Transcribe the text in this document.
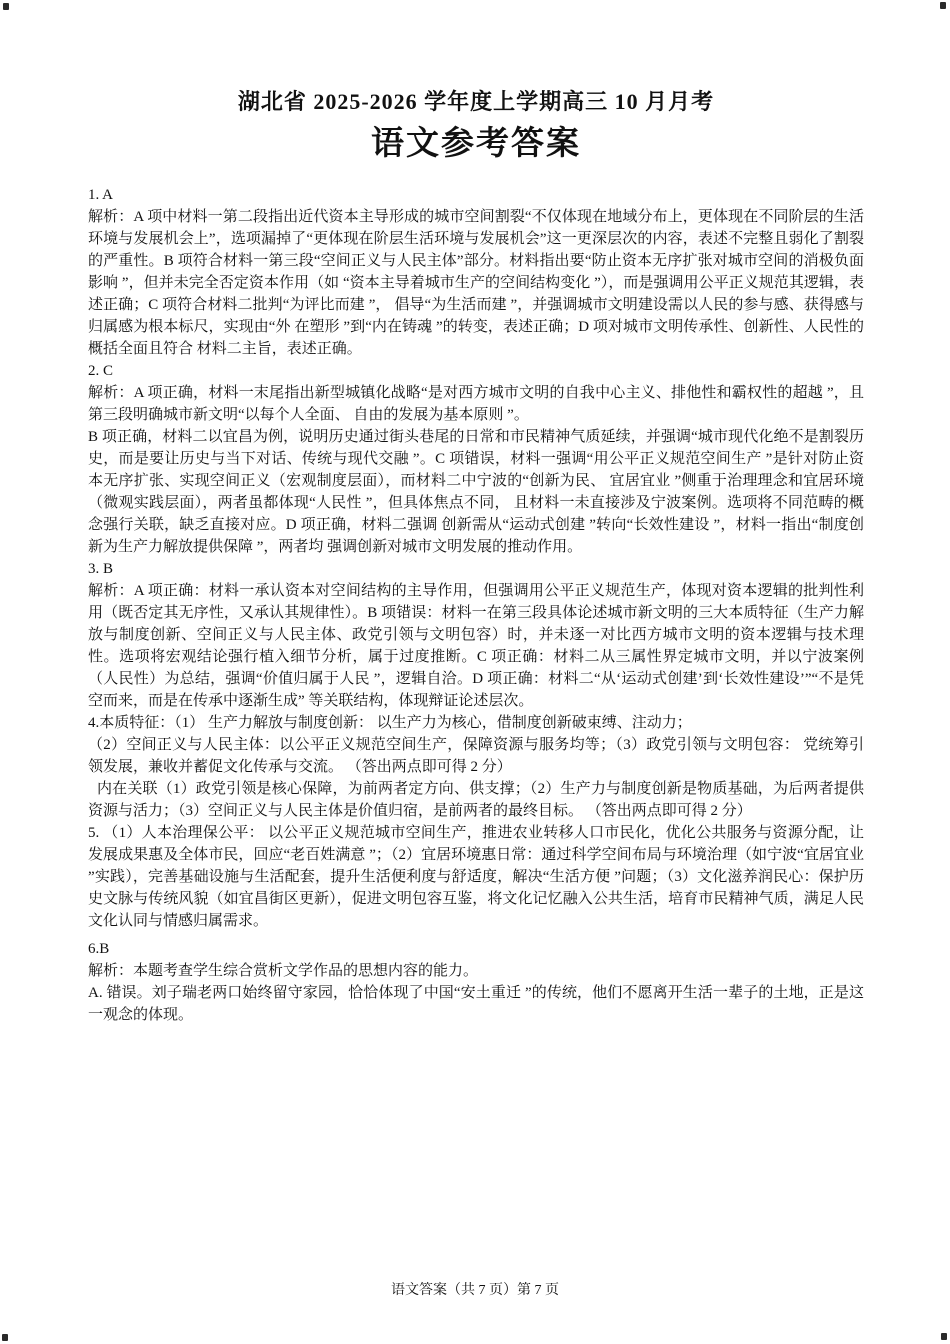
湖北省 2025-2026 学年度上学期高三 10 月月考
语文参考答案

1. A

解析：A 项中材料一第二段指出近代资本主导形成的城市空间割裂“不仅体现在地域分布上，更体现在不同阶层的生活环境与发展机会上”，选项漏掉了“更体现在阶层生活环境与发展机会”这一更深层次的内容，表述不完整且弱化了割裂的严重性。B 项符合材料一第三段“空间正义与人民主体”部分。材料指出要“防止资本无序扩张对城市空间的消极负面影响 ”，但并未完全否定资本作用（如 “资本主导着城市生产的空间结构变化 ”），而是强调用公平正义规范其逻辑，表述正确；C 项符合材料二批判“为评比而建 ”， 倡导“为生活而建 ”，并强调城市文明建设需以人民的参与感、获得感与归属感为根本标尺，实现由“外 在塑形 ”到“内在铸魂 ”的转变，表述正确；D 项对城市文明传承性、创新性、人民性的概括全面且符合 材料二主旨，表述正确。

2. C

解析：A 项正确，材料一末尾指出新型城镇化战略“是对西方城市文明的自我中心主义、排他性和霸权性的超越 ”，且第三段明确城市新文明“以每个人全面、 自由的发展为基本原则 ”。

B 项正确，材料二以宜昌为例，说明历史通过街头巷尾的日常和市民精神气质延续，并强调“城市现代化绝不是割裂历史，而是要让历史与当下对话、传统与现代交融 ”。C 项错误，材料一强调“用公平正义规范空间生产 ”是针对防止资本无序扩张、实现空间正义（宏观制度层面），而材料二中宁波的“创新为民、 宜居宜业 ”侧重于治理理念和宜居环境（微观实践层面），两者虽都体现“人民性 ”，但具体焦点不同， 且材料一未直接涉及宁波案例。选项将不同范畴的概念强行关联，缺乏直接对应。D 项正确，材料二强调 创新需从“运动式创建 ”转向“长效性建设 ”，材料一指出“制度创新为生产力解放提供保障 ”，两者均 强调创新对城市文明发展的推动作用。

3. B

解析：A 项正确：材料一承认资本对空间结构的主导作用，但强调用公平正义规范生产，体现对资本逻辑的批判性利用（既否定其无序性，又承认其规律性）。B 项错误：材料一在第三段具体论述城市新文明的三大本质特征（生产力解放与制度创新、空间正义与人民主体、政党引领与文明包容）时，并未逐一对比西方城市文明的资本逻辑与技术理性。选项将宏观结论强行植入细节分析，属于过度推断。C 项正确：材料二从三属性界定城市文明，并以宁波案例（人民性）为总结，强调“价值归属于人民 ”，逻辑自洽。D 项正确：材料二“从‘运动式创建’到‘长效性建设’”“不是凭空而来，而是在传承中逐渐生成” 等关联结构，体现辩证论述层次。

4.本质特征：（1） 生产力解放与制度创新： 以生产力为核心，借制度创新破束缚、注动力；

（2）空间正义与人民主体：以公平正义规范空间生产，保障资源与服务均等；（3）政党引领与文明包容： 党统筹引领发展，兼收并蓄促文化传承与交流。 （答出两点即可得 2 分）

内在关联（1）政党引领是核心保障，为前两者定方向、供支撑；（2）生产力与制度创新是物质基础，为后两者提供资源与活力；（3）空间正义与人民主体是价值归宿，是前两者的最终目标。 （答出两点即可得 2 分）

5. （1）人本治理保公平： 以公平正义规范城市空间生产，推进农业转移人口市民化，优化公共服务与资源分配，让发展成果惠及全体市民，回应“老百姓满意 ”；（2）宜居环境惠日常：通过科学空间布局与环境治理（如宁波“宜居宜业 ”实践），完善基础设施与生活配套，提升生活便利度与舒适度，解决“生活方便 ”问题；（3）文化滋养润民心：保护历史文脉与传统风貌（如宜昌街区更新），促进文明包容互鉴，将文化记忆融入公共生活，培育市民精神气质，满足人民文化认同与情感归属需求。

6.B

解析：本题考查学生综合赏析文学作品的思想内容的能力。

A. 错误。刘子瑞老两口始终留守家园，恰恰体现了中国“安土重迁 ”的传统，他们不愿离开生活一辈子的土地，正是这一观念的体现。

语文答案（共 7 页）第 7 页
